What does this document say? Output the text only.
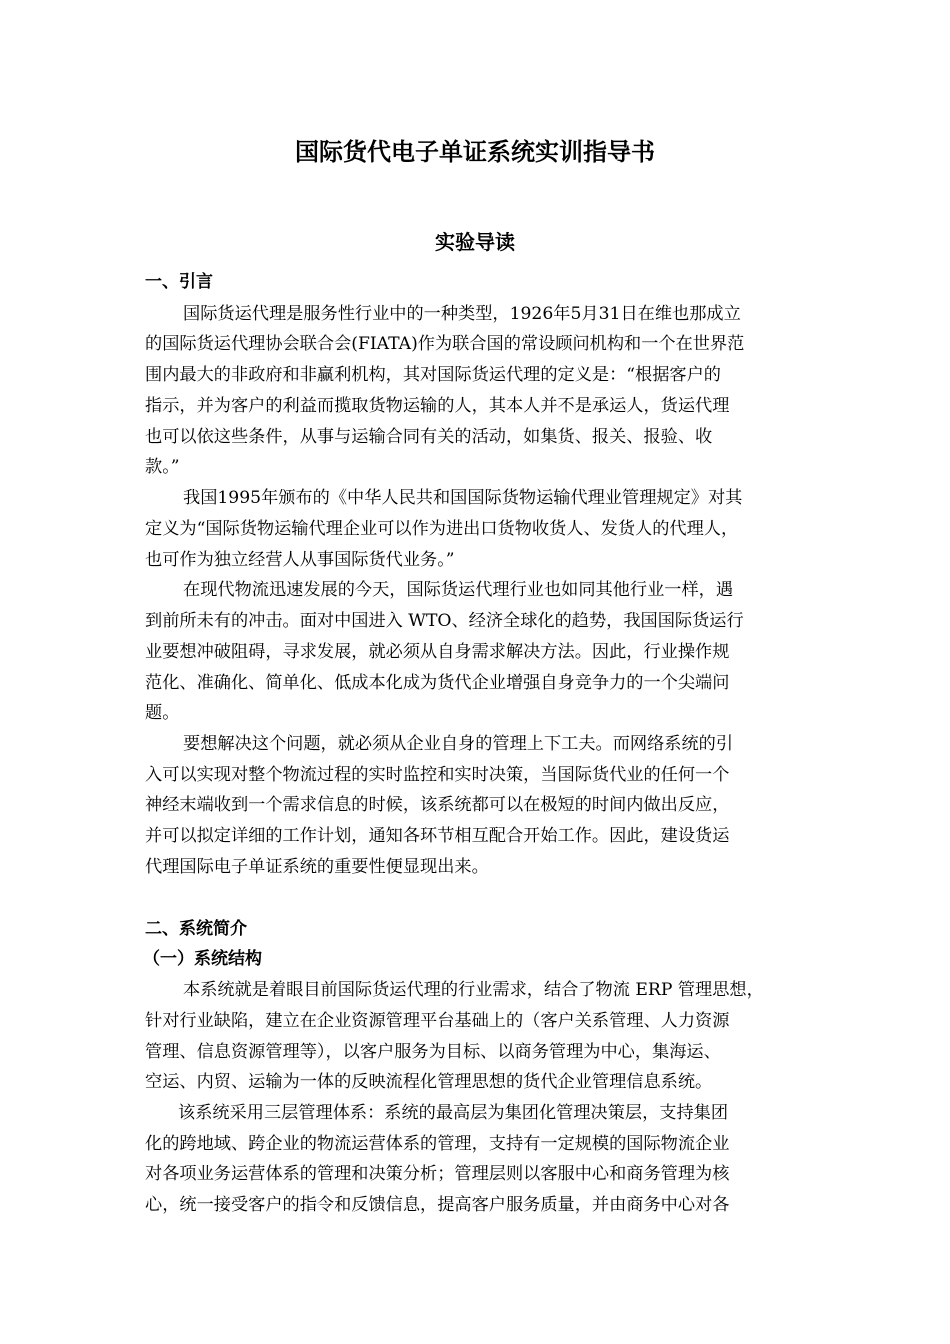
国际货代电子单证系统实训指导书
实验导读
一、引言
国际货运代理是服务性行业中的一种类型，1926年5月31日在维也那成立
的国际货运代理协会联合会(FIATA)作为联合国的常设顾问机构和一个在世界范
围内最大的非政府和非赢利机构，其对国际货运代理的定义是：“根据客户的
指示，并为客户的利益而揽取货物运输的人，其本人并不是承运人，货运代理
也可以依这些条件，从事与运输合同有关的活动，如集货、报关、报验、收
款。”
我国1995年颁布的《中华人民共和国国际货物运输代理业管理规定》对其
定义为“国际货物运输代理企业可以作为进出口货物收货人、发货人的代理人，
也可作为独立经营人从事国际货代业务。”
在现代物流迅速发展的今天，国际货运代理行业也如同其他行业一样，遇
到前所未有的冲击。面对中国进入 WTO、经济全球化的趋势，我国国际货运行
业要想冲破阻碍，寻求发展，就必须从自身需求解决方法。因此，行业操作规
范化、准确化、简单化、低成本化成为货代企业增强自身竞争力的一个尖端问
题。
要想解决这个问题，就必须从企业自身的管理上下工夫。而网络系统的引
入可以实现对整个物流过程的实时监控和实时决策，当国际货代业的任何一个
神经末端收到一个需求信息的时候，该系统都可以在极短的时间内做出反应，
并可以拟定详细的工作计划，通知各环节相互配合开始工作。因此，建设货运
代理国际电子单证系统的重要性便显现出来。
二、系统简介
（一）系统结构
本系统就是着眼目前国际货运代理的行业需求，结合了物流 ERP 管理思想，
针对行业缺陷，建立在企业资源管理平台基础上的（客户关系管理、人力资源
管理、信息资源管理等），以客户服务为目标、以商务管理为中心，集海运、
空运、内贸、运输为一体的反映流程化管理思想的货代企业管理信息系统。
该系统采用三层管理体系：系统的最高层为集团化管理决策层，支持集团
化的跨地域、跨企业的物流运营体系的管理，支持有一定规模的国际物流企业
对各项业务运营体系的管理和决策分析；管理层则以客服中心和商务管理为核
心，统一接受客户的指令和反馈信息，提高客户服务质量，并由商务中心对各
